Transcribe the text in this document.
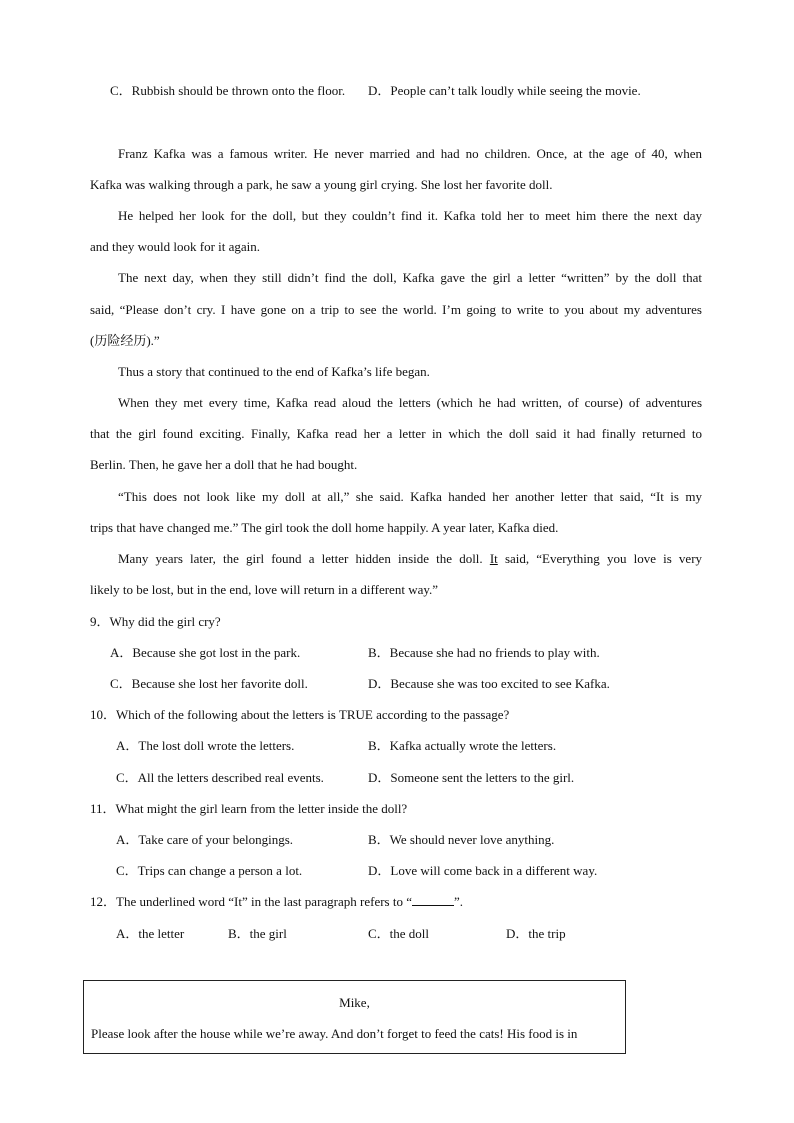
C．Rubbish should be thrown onto the floor. D．People can’t talk loudly while seeing the movie.
Franz Kafka was a famous writer. He never married and had no children. Once, at the age of 40, when
Kafka was walking through a park, he saw a young girl crying. She lost her favorite doll.
He helped her look for the doll, but they couldn’t find it. Kafka told her to meet him there the next day
and they would look for it again.
The next day, when they still didn’t find the doll, Kafka gave the girl a letter “written” by the doll that
said, “Please don’t cry. I have gone on a trip to see the world. I’m going to write to you about my adventures
(历险经历).”
Thus a story that continued to the end of Kafka’s life began.
When they met every time, Kafka read aloud the letters (which he had written, of course) of adventures
that the girl found exciting. Finally, Kafka read her a letter in which the doll said it had finally returned to
Berlin. Then, he gave her a doll that he had bought.
“This does not look like my doll at all,” she said. Kafka handed her another letter that said, “It is my
trips that have changed me.” The girl took the doll home happily. A year later, Kafka died.
Many years later, the girl found a letter hidden inside the doll. It said, “Everything you love is very
likely to be lost, but in the end, love will return in a different way.”
9．Why did the girl cry?
A．Because she got lost in the park.	B．Because she had no friends to play with.
C．Because she lost her favorite doll.	D．Because she was too excited to see Kafka.
10．Which of the following about the letters is TRUE according to the passage?
A．The lost doll wrote the letters.	B．Kafka actually wrote the letters.
C．All the letters described real events.	D．Someone sent the letters to the girl.
11．What might the girl learn from the letter inside the doll?
A．Take care of your belongings.	B．We should never love anything.
C．Trips can change a person a lot.	D．Love will come back in a different way.
12．The underlined word “It” in the last paragraph refers to “	”.
A．the letter	B．the girl	C．the doll	D．the trip
Mike,
Please look after the house while we’re away. And don’t forget to feed the cats! His food is in
